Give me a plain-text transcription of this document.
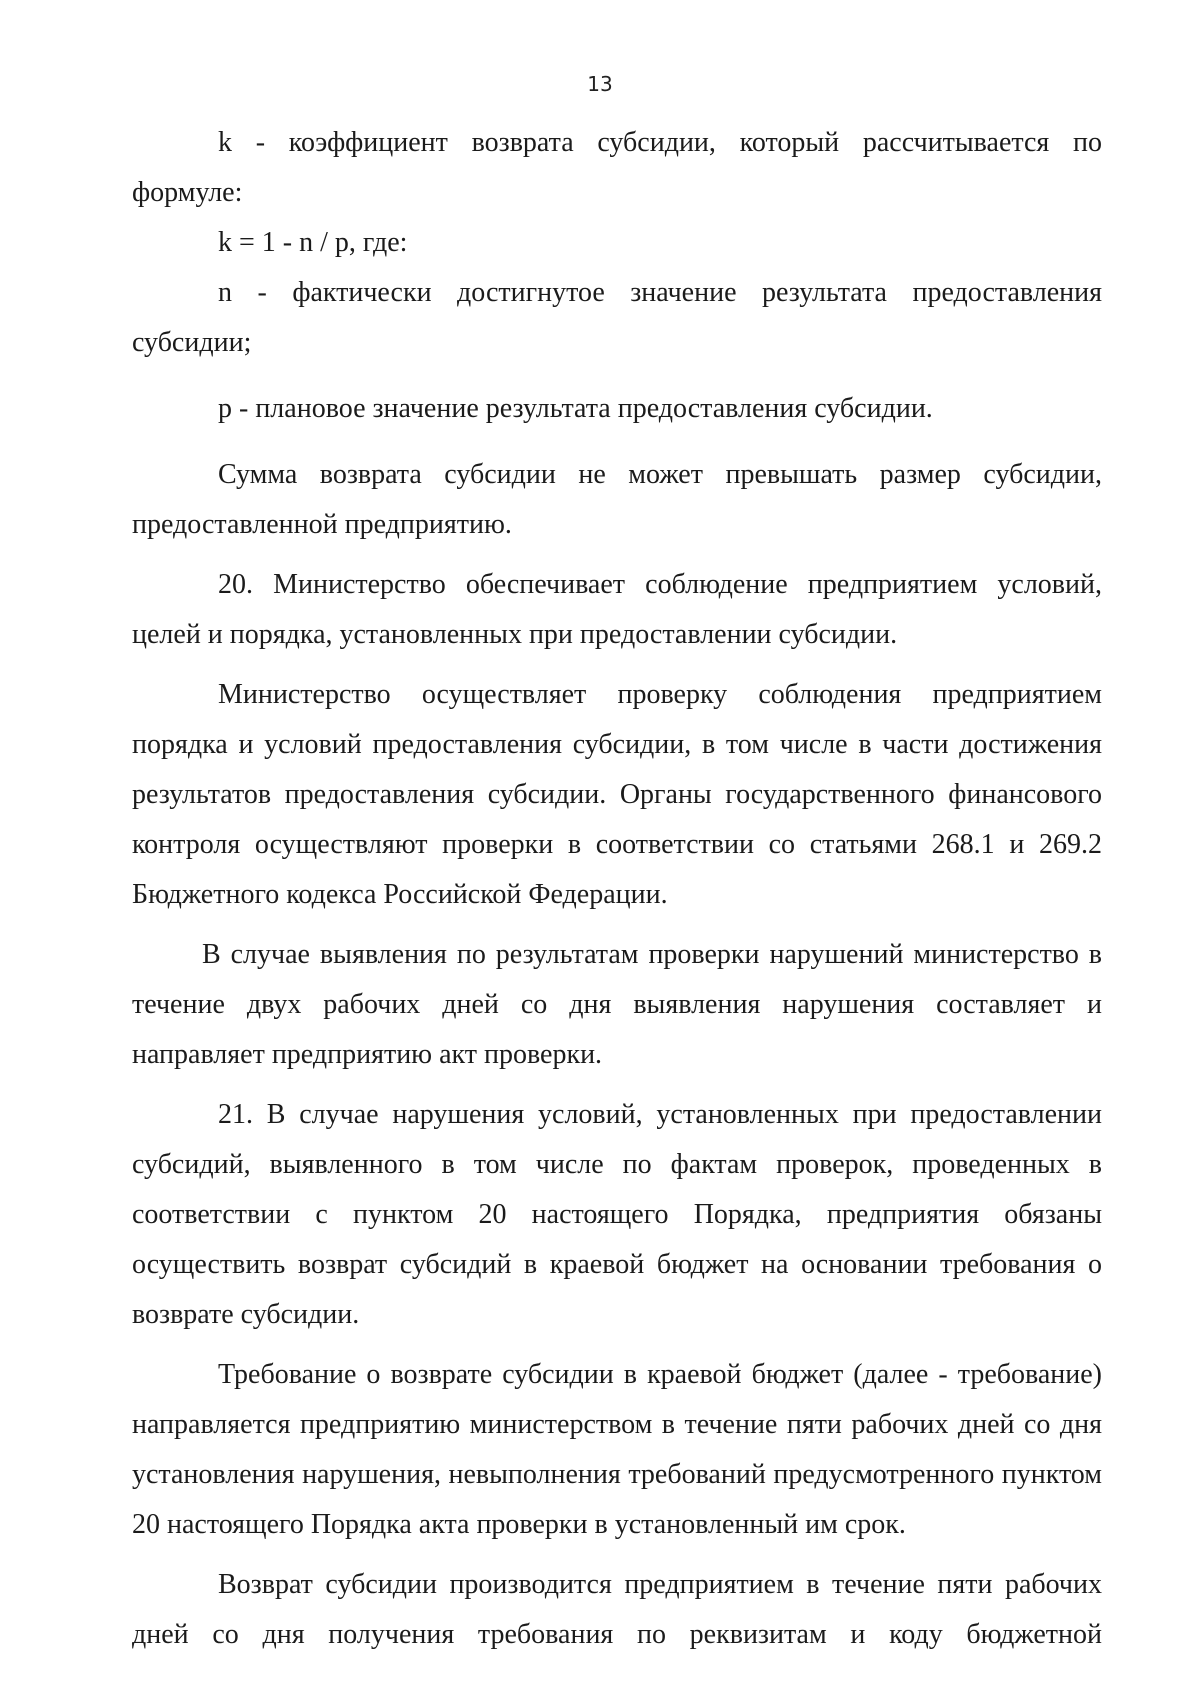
13

k - коэффициент возврата субсидии, который рассчитывается по формуле:

k = 1 - n / p, где:

n - фактически достигнутое значение результата предоставления субсидии;

p - плановое значение результата предоставления субсидии.

Сумма возврата субсидии не может превышать размер субсидии, предоставленной предприятию.

20. Министерство обеспечивает соблюдение предприятием условий, целей и порядка, установленных при предоставлении субсидии.

Министерство осуществляет проверку соблюдения предприятием порядка и условий предоставления субсидии, в том числе в части достижения результатов предоставления субсидии. Органы государственного финансового контроля осуществляют проверки в соответствии со статьями 268.1 и 269.2 Бюджетного кодекса Российской Федерации.

В случае выявления по результатам проверки нарушений министерство в течение двух рабочих дней со дня выявления нарушения составляет и направляет предприятию акт проверки.

21. В случае нарушения условий, установленных при предоставлении субсидий, выявленного в том числе по фактам проверок, проведенных в соответствии с пунктом 20 настоящего Порядка, предприятия обязаны осуществить возврат субсидий в краевой бюджет на основании требования о возврате субсидии.

Требование о возврате субсидии в краевой бюджет (далее - требование) направляется предприятию министерством в течение пяти рабочих дней со дня установления нарушения, невыполнения требований предусмотренного пунктом 20 настоящего Порядка акта проверки в установленный им срок.

Возврат субсидии производится предприятием в течение пяти рабочих дней со дня получения требования по реквизитам и коду бюджетной
